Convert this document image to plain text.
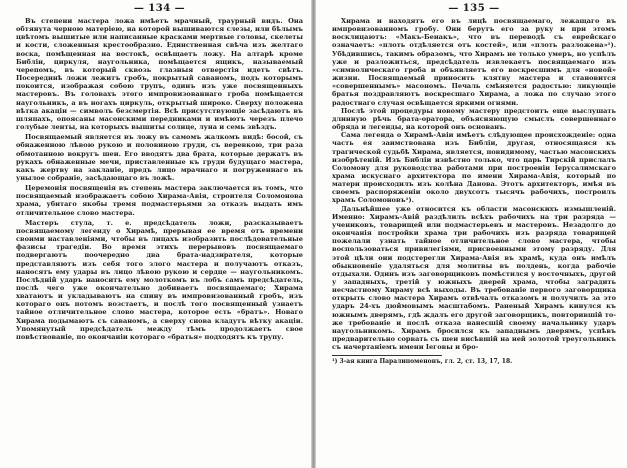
— 134 —

Въ степени мастера ложа имѣетъ мрачный, траурный видъ. Она обтянута черною матеріею, на которой вышиваются слезы, или бѣлымъ цвѣтомъ вышитые или написанные красками мертвые головы, скелеты и кости, сложенныя крестообразно. Единственная свѣча изъ желтаго воска, помѣщенная на востокѣ, освѣщаетъ ложу. На алтарѣ кроме Библіи, циркуля, наугольника, помѣщается ящикъ, называемый черепомъ, въ который сквозь глазныя отверстія идетъ свѣтъ. Посерединѣ ложи лежитъ гробъ, покрытый саваномъ, подъ которымъ покоится, изображая собою трупъ, одинъ изъ уже посвященныхъ мастеровъ. Въ головахъ этого импровизованнаго гроба помѣщается наугольникъ, а въ ногахъ циркуль, открытый широко. Сверху положена вѣтка акаціи — символъ безсмертія. Всѣ присутствующіе засѣдаютъ въ шляпахъ, опоясаны масонскими передниками и имѣютъ черезъ плечо голубые ленты, на которыхъ вышиты солнце, луна и семь звѣздъ.

Посвящаемый является въ ложу въ самомъ жалкомъ видѣ: босой, съ обнаженною лѣвою рукою и половиною груди, съ веревкою, три раза обмотанною вокругъ шеи. Его вводятъ два брата, которые держатъ въ рукахъ обнаженные мечи, приставленные къ груди будущаго мастера, какъ жертву на закланіе, предъ лицо мрачнаго и погруженнаго въ унылое собраніе, засѣдающаго въ ложѣ.

Церемонія посвященія въ степень мастера заключается въ томъ, что посвящаемый изображаетъ собою Хирама-Авія, строителя Соломонова храма, убитаго якобы тремя подмастерьями за отказъ выдать имъ отличительное слово мастера.

Мастеръ стула, т. е. предсѣдатель ложи, разсказываетъ посвящаемому легенду о Хирамѣ, прерывая ее время отъ времени своими наставленіями, чтобы въ лицахъ изобразить послѣдовательные фазисы трагедіи. Во время этихъ перерывовъ посвящаемаго подвергаютъ поочередно два брата-надзирателя, которые представляютъ изъ себя того злого мастера и получаютъ отказъ, наносятъ ему удары въ лицо лѣвою рукою и сердце — наугольникомъ. Послѣдній ударъ наноситъ ему молоткомъ въ лобъ самъ предсѣдатель, послѣ чего уже окончательно добиваетъ посвящаемаго; Хирама хватаютъ и укладываютъ на спину въ импровизованный гробъ, изъ котораго онъ потомъ возстаетъ, и послѣ того посвященный узнаетъ тайное отличительное слово мастера, которое есть «братъ». Новаго Хирама подымаютъ съ саваномъ, а сверху снова кладутъ вѣтку акаціи. Упомянутый предсѣдатель между тѣмъ продолжаетъ свое повѣствованіе, по окончаніи котораго «братья» подходятъ къ трупу.

— 135 —

Хирама и находятъ его въ лицѣ посвящаемаго, лежащаго въ импровизованномъ гробу. Они берутъ его за руку и при этомъ восклицаютъ: «Макъ-Бенакъ», что въ переводѣ съ еврейскаго означаетъ: «плоть отдѣляется отъ костей», или «плоть разложена»¹). Убѣдившись, такимъ образомъ, что Хирамъ не только умеръ, но успѣлъ уже и разложиться, предсѣдатель извлекаетъ посвящаемаго изъ «символическаго гроба и объявляетъ его воскресшимъ для «новой» жизни. Посвящаемый приносить клятву мастера и становится «совершеннымъ» масономъ. Печаль смѣняется радостью: ликующіе братья поздравляютъ воскресшаго Хирама, а ложа по случаю этого радостнаго случая освѣщается яркими огнями.

Послѣ этой процедуры новому мастеру предстоитъ еще выслушать длинную рѣчь брата-оратора, объясняющую смыслъ совершеннаго обряда и легенды, на которой онъ основанъ.

Сама легенда о Хирамѣ-Авіи имѣетъ слѣдующее происхожденіе: одна часть ея заимствована изъ Библіи, другая, относящаяся къ трагической судьбѣ Хирама, является, повидимому, частью масонскихъ изобрѣтеній. Изъ Библіи извѣстно только, что царь Тирскій прислалъ Соломону для руководства работами при построеніи Іерусалимскаго храма искуснаго архитектора по имени Хирама-Авія, который по матери происходилъ изъ колѣна Данова. Этотъ архитекторъ, имѣя въ своемъ распоряженіи около двухсотъ тысячъ рабочихъ, построилъ храмъ Соломоновъ¹).

Дальнѣйшее уже относится къ области масонскихъ измышленій. Именно: Хирамъ-Авій раздѣлилъ всѣхъ рабочихъ на три разряда — учениковъ, товарищей или подмастерьевъ и мастеровъ. Незадолго до окончанія постройки храма три рабочихъ изъ разряда товарищей пожелали узнать тайное отличительное слово мастера, чтобы воспользоваться привилегіями, присвоенными этому разряду. Для этой цѣли они подстерегли Хирама-Авія въ храмѣ, куда онъ имѣлъ обыкновеніе удаляться для молитвы въ полдень, когда рабочіе отдыхали. Одинъ изъ заговорщиковъ помѣстился у восточныхъ, другой у западныхъ, третій у южныхъ дверей храма, чтобы заградить несчастному Хираму всѣ выходы. Въ требованіе первого заговорщика открыть слово мастера Хирамъ отвѣчалъ отказомъ и получилъ за это ударъ 24-хъ дюймовымъ масштабомъ. Раненый Хирамъ кинулся къ южнымъ дверямъ, гдѣ ждалъ его другой заговорщикъ, повторившій то-же требованіе и послѣ отказа нанесшій своему начальнику ударъ наугольникомъ. Хирамъ бросился къ западнымъ дверямъ, успѣвъ предварительно сорвать съ шеи висѣвшій на ней золотой треугольникъ съ начертаніемъ имени Іеговы и бро-

¹) 3-ая книга Паралипоменонъ, гл. 2, ст. 13, 17, 18.
